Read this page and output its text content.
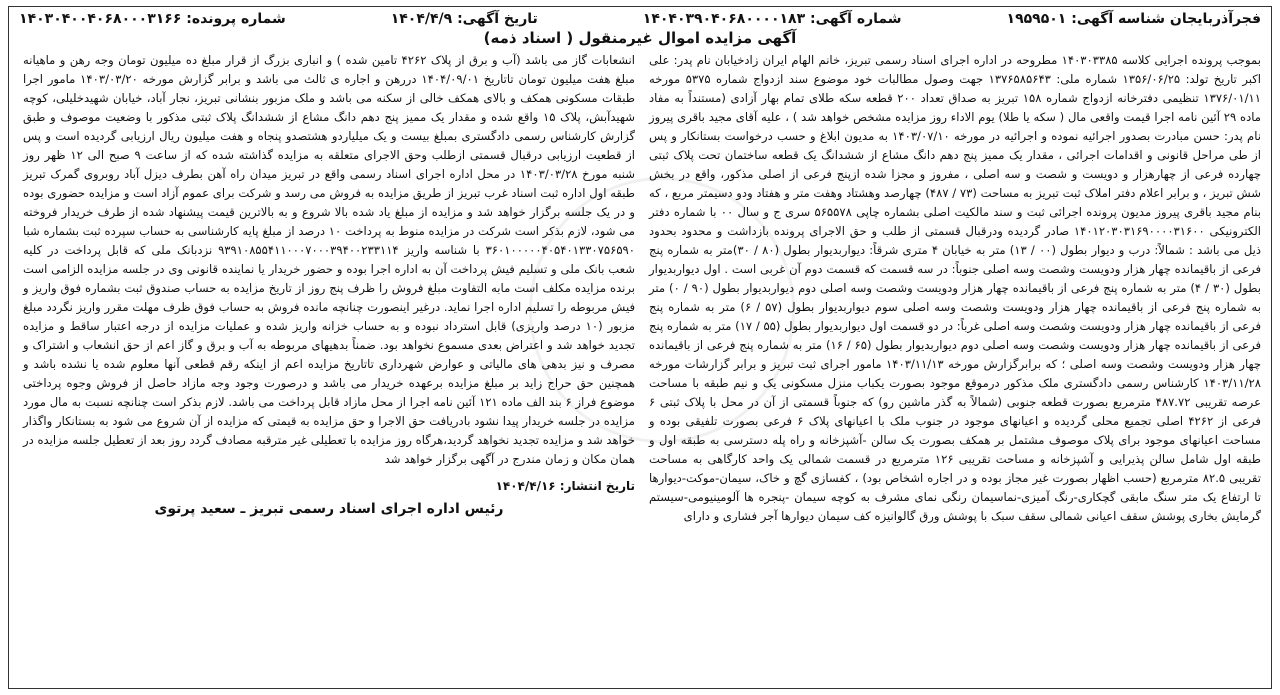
فجرآذربایجان شناسه آگهی: ۱۹۵۹۵۰۱
شماره آگهی: ۱۴۰۴۰۳۹۰۴۰۶۸۰۰۰۰۱۸۳
تاریخ آگهی: ۱۴۰۴/۴/۹
شماره پرونده: ۱۴۰۳۰۴۰۰۴۰۶۸۰۰۰۳۱۶۶
آگهی مزایده اموال غیرمنقول ( اسناد ذمه)

بموجب پرونده اجرایی کلاسه ۱۴۰۳۰۳۳۸۵ مطروحه در اداره اجرای اسناد رسمی تبریز، خانم الهام ایران زادخیابان نام پدر: علی اکبر تاریخ تولد: ۱۳۵۶/۰۶/۲۵ شماره ملی: ۱۳۷۶۵۸۵۶۴۳ جهت وصول مطالبات خود موضوع سند ازدواج شماره ۵۳۷۵ مورخه ۱۳۷۶/۰۱/۱۱ تنظیمی دفترخانه ازدواج شماره ۱۵۸ تبریز به صداق تعداد ۲۰۰ قطعه سکه طلای تمام بهار آزادی (مستنداً به مفاد ماده ۲۹ آئین نامه اجرا قیمت واقعی مال ( سکه یا طلا) یوم الاداء روز مزایده مشخص خواهد شد ) ، علیه آقای مجید باقری پیروز نام پدر: حسن مبادرت بصدور اجرائیه نموده و اجرائیه در مورخه ۱۴۰۳/۰۷/۱۰ به مدیون ابلاغ و حسب درخواست بستانکار و پس از طی مراحل قانونی و اقدامات اجرائی ، مقدار یک ممیز پنج دهم دانگ مشاع از ششدانگ یک قطعه ساختمان تحت پلاک ثبتی چهارده فرعی از چهارهزار و دویست و شصت و سه اصلی ، مفروز و مجزا شده ازپنج فرعی از اصلی مذکور، واقع در بخش شش تبریز ، و برابر اعلام دفتر املاک ثبت تبریز به مساحت (۷۳ / ۴۸۷) چهارصد وهشتاد وهفت متر و هفتاد ودو دسیمتر مربع ، که بنام مجید باقری پیروز مدیون پرونده اجرائی ثبت و سند مالکیت اصلی بشماره چاپی ۵۶۵۵۷۸ سری ج و سال ۰۰ با شماره دفتر الکترونیکی ۱۴۰۱۲۰۳۰۳۱۶۹۰۰۰۰۳۱۶۰۰ صادر گردیده ودرقبال قسمتی از طلب و حق الاجرای پرونده بازداشت و محدود بحدود ذیل می باشد : شمالاً: درب و دیوار بطول (۰۰ / ۱۳) متر به خیابان ۴ متری شرقاً: دیواربدیوار بطول (۸۰ / ۳۰)متر به شماره پنج فرعی از باقیمانده چهار هزار ودویست وشصت وسه اصلی جنوباً: در سه قسمت که قسمت دوم آن غربی است . اول دیواربدیوار بطول (۳۰ / ۴) متر به شماره پنج فرعی از باقیمانده چهار هزار ودویست وشصت وسه اصلی دوم دیواربدیوار بطول (۹۰ / ۰) متر به شماره پنج فرعی از باقیمانده چهار هزار ودویست وشصت وسه اصلی سوم دیواربدیوار بطول (۵۷ / ۶) متر به شماره پنج فرعی از باقیمانده چهار هزار ودویست وشصت وسه اصلی غرباً: در دو قسمت اول دیواربدیوار بطول (۵۵ / ۱۷) متر به شماره پنج فرعی از باقیمانده چهار هزار ودویست وشصت وسه اصلی دوم دیواربدیوار بطول (۶۵ / ۱۶) متر به شماره پنج فرعی از باقیمانده چهار هزار ودویست وشصت وسه اصلی ؛ که برابرگزارش مورخه ۱۴۰۳/۱۱/۱۳ مامور اجرای ثبت تبریز و برابر گزارشات مورخه ۱۴۰۳/۱۱/۲۸ کارشناس رسمی دادگستری ملک مذکور درموقع موجود بصورت یکباب منزل مسکونی یک و نیم طبقه با مساحت عرصه تقریبی ۴۸۷.۷۲ مترمربع بصورت قطعه جنوبی (شمالاً به گذر ماشین رو) که جنوباً قسمتی از آن در محل با پلاک ثبتی ۶ فرعی از ۴۲۶۲ اصلی تجمیع محلی گردیده و اعیانهای موجود در جنوب ملک با اعیانهای پلاک ۶ فرعی بصورت تلفیقی بوده و مساحت اعیانهای موجود برای پلاک موصوف مشتمل بر همکف بصورت یک سالن -آشپزخانه و راه پله دسترسی به طبقه اول و طبقه اول شامل سالن پذیرایی و آشپزخانه و مساحت تقریبی ۱۲۶ مترمربع در قسمت شمالی یک واحد کارگاهی به مساحت تقریبی ۸۲.۵ مترمربع (حسب اظهار بصورت غیر مجاز بوده و در اجاره اشخاص بود) ، کفسازی گچ و خاک، سیمان-موکت-دیوارها تا ارتفاع یک متر سنگ مابقی گچکاری-رنگ آمیزی-نماسیمان رنگی نمای مشرف به کوچه سیمان -پنجره ها آلومینیومی-سیستم گرمایش بخاری پوشش سقف اعیانی شمالی سقف سبک با پوشش ورق گالوانیزه کف سیمان دیوارها آجر فشاری و دارای

انشعابات گاز می باشد (آب و برق از پلاک ۴۲۶۲ تامین شده ) و انباری بزرگ از قرار مبلغ ده میلیون تومان وجه رهن و ماهیانه مبلغ هفت میلیون تومان تاتاریخ ۱۴۰۴/۰۹/۰۱ دررهن و اجاره ی ثالث می باشد و برابر گزارش مورخه ۱۴۰۳/۰۳/۲۰ مامور اجرا طبقات مسکونی همکف و بالای همکف خالی از سکنه می باشد و ملک مزبور بنشانی تبریز، نجار آباد، خیابان شهیدخلیلی، کوچه شهیدآبش، پلاک ۱۵ واقع شده و مقدار یک ممیز پنج دهم دانگ مشاع از ششدانگ پلاک ثبتی مذکور با وضعیت موصوف و طبق گزارش کارشناس رسمی دادگستری بمبلغ بیست و یک میلیاردو هشتصدو پنجاه و هفت میلیون ریال ارزیابی گردیده است و پس از قطعیت ارزیابی درقبال قسمتی ازطلب وحق الاجرای متعلقه به مزایده گذاشته شده که از ساعت ۹ صبح الی ۱۲ ظهر روز شنبه مورخ ۱۴۰۳/۰۳/۲۸ در محل اداره اجرای اسناد رسمی واقع در تبریز میدان راه آهن بطرف دیزل آباد روبروی گمرک تبریز طبقه اول اداره ثبت اسناد غرب تبریز از طریق مزایده به فروش می رسد و شرکت برای عموم آزاد است و مزایده حضوری بوده و در یک جلسه برگزار خواهد شد و مزایده از مبلغ یاد شده بالا شروع و به بالاترین قیمت پیشنهاد شده از طرف خریدار فروخته می شود، لازم بذکر است شرکت در مزایده منوط به پرداخت ۱۰ درصد از مبلغ پایه کارشناسی به حساب سپرده ثبت بشماره شبا ۳۶۰۱۰۰۰۰۰۴۰۵۴۰۱۳۳۰۷۵۶۵۹۰ با شناسه واریز ۹۳۹۱۰۸۵۵۴۱۱۰۰۰۷۰۰۰۳۹۴۰۰۲۳۳۱۱۴ نزدبانک ملی که قابل پرداخت در کلیه شعب بانک ملی و تسلیم فیش پرداخت آن به اداره اجرا بوده و حضور خریدار یا نماینده قانونی وی در جلسه مزایده الزامی است برنده مزایده مکلف است مابه التفاوت مبلغ فروش را ظرف پنج روز از تاریخ مزایده به حساب صندوق ثبت بشماره فوق واریز و فیش مربوطه را تسلیم اداره اجرا نماید. درغیر اینصورت چنانچه مانده فروش به حساب فوق ظرف مهلت مقرر واریز نگردد مبلغ مزبور (۱۰ درصد واریزی) قابل استرداد نبوده و به حساب خزانه واریز شده و عملیات مزایده از درجه اعتبار ساقط و مزایده تجدید خواهد شد و اعتراض بعدی مسموع نخواهد بود. ضمناً بدهیهای مربوطه به آب و برق و گاز اعم از حق انشعاب و اشتراک و مصرف و نیز بدهی های مالیاتی و عوارض شهرداری تاتاریخ مزایده اعم از اینکه رقم قطعی آنها معلوم شده یا نشده باشد و همچنین حق حراج زاید بر مبلغ مزایده برعهده خریدار می باشد و درصورت وجود وجه مازاد حاصل از فروش وجوه پرداختی موضوع فراز ۶ بند الف ماده ۱۲۱ آئین نامه اجرا از محل مازاد قابل پرداخت می باشد. لازم بذکر است چنانچه نسبت به مال مورد مزایده در جلسه خریدار پیدا نشود بادریافت حق الاجرا و حق مزایده به قیمتی که مزایده از آن شروع می شود به بستانکار واگذار خواهد شد و مزایده تجدید نخواهد گردید،هرگاه روز مزایده با تعطیلی غیر مترقبه مصادف گردد روز بعد از تعطیل جلسه مزایده در همان مکان و زمان مندرج در آگهی برگزار خواهد شد

تاریخ انتشار: ۱۴۰۴/۴/۱۶
رئیس اداره اجرای اسناد رسمی تبریز ـ سعید پرتوی
